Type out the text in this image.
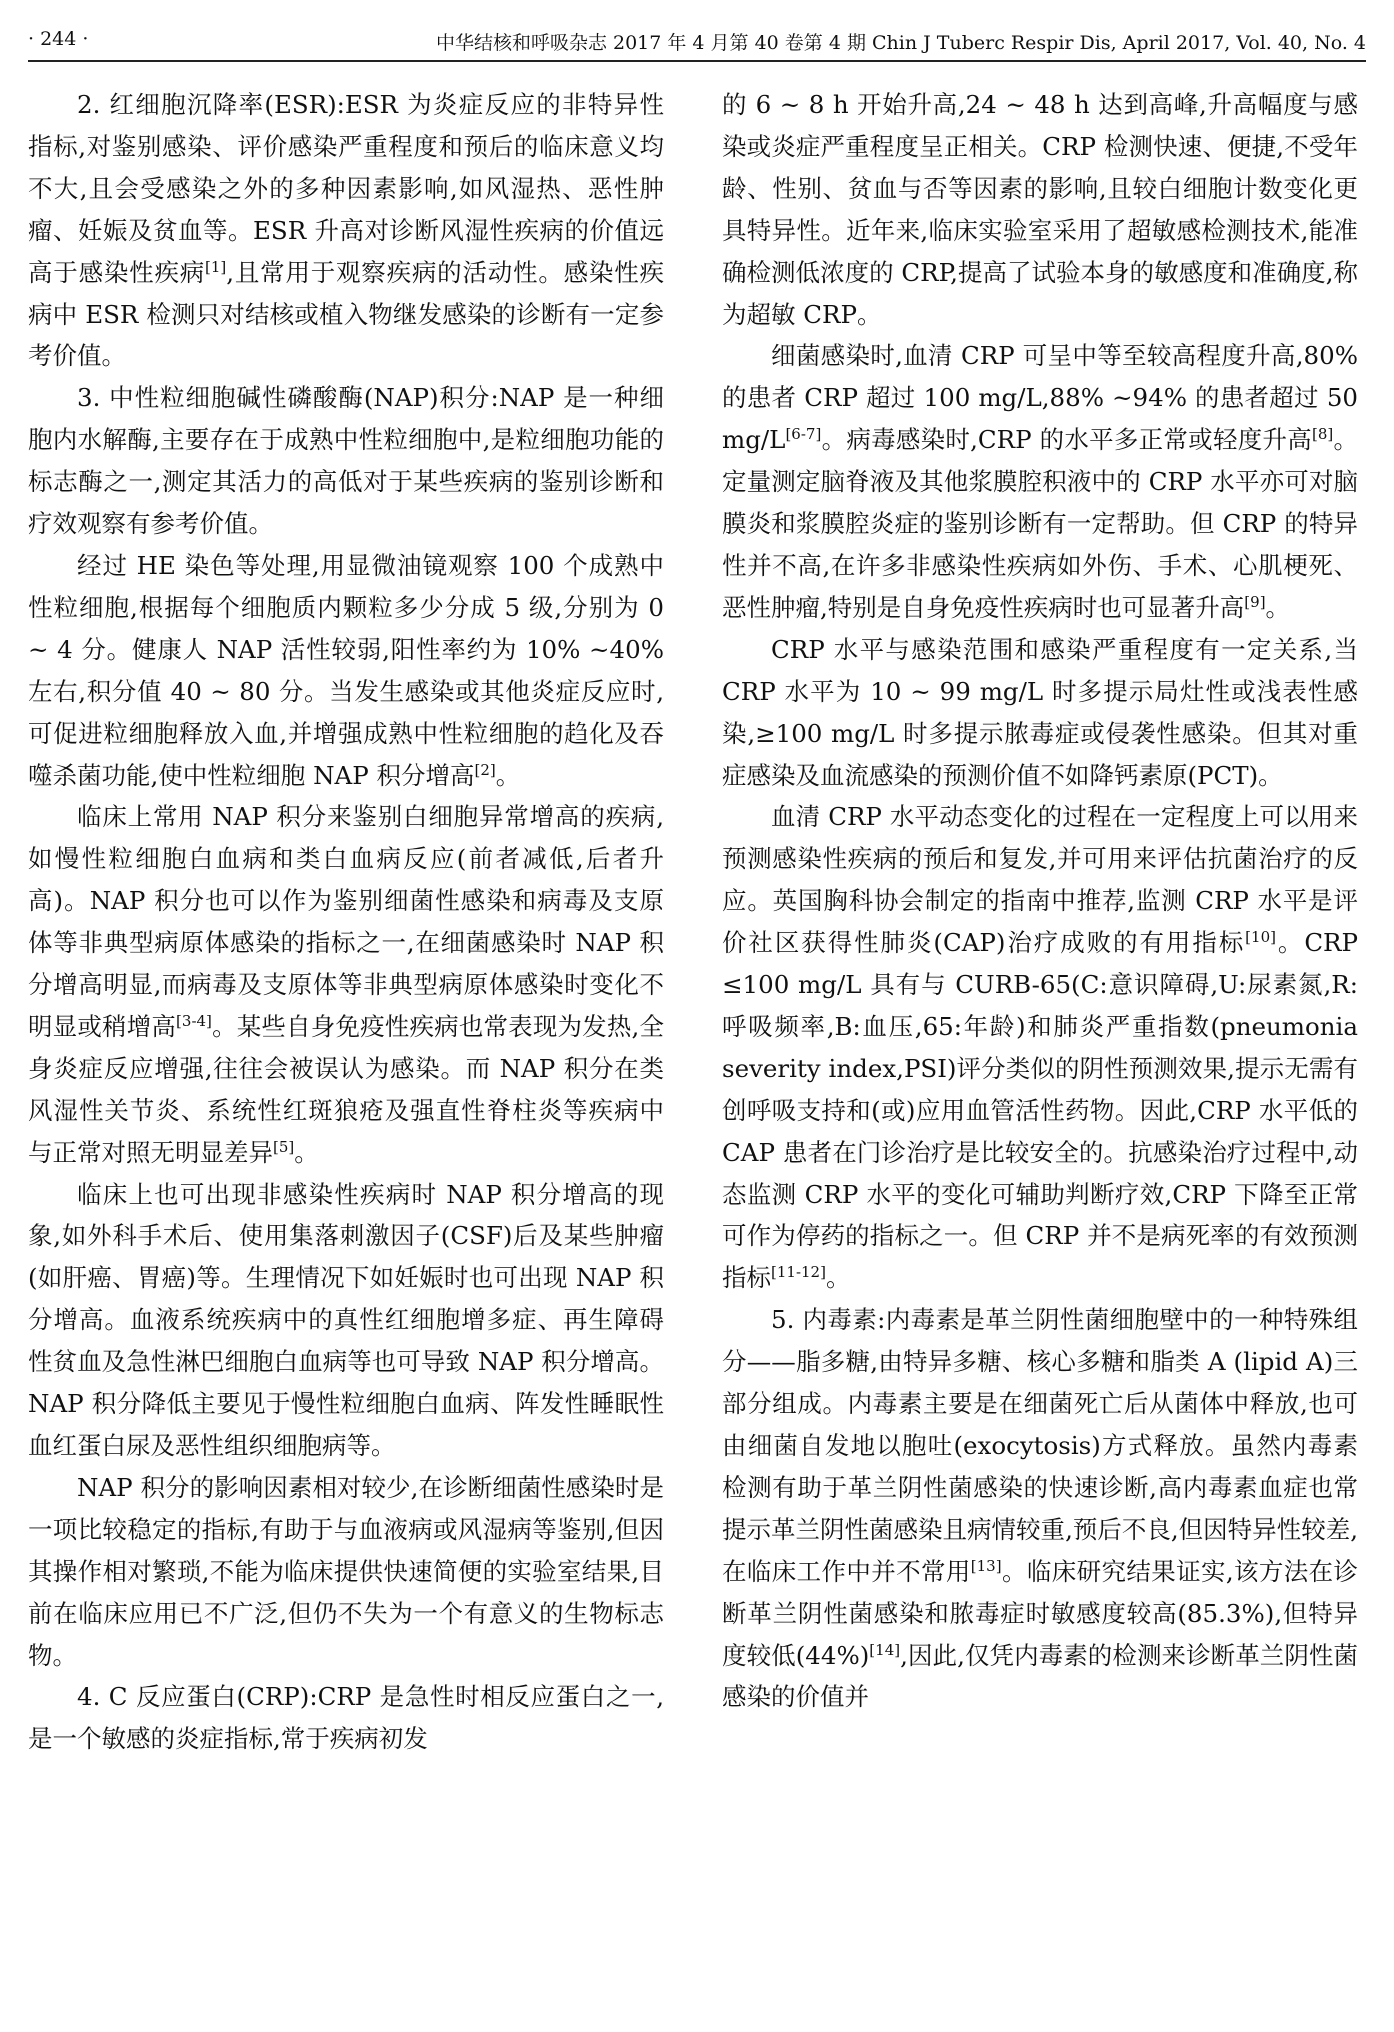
· 244 ·	中华结核和呼吸杂志 2017 年 4 月第 40 卷第 4 期 Chin J Tuberc Respir Dis, April 2017, Vol. 40, No. 4

2. 红细胞沉降率(ESR):ESR 为炎症反应的非特异性指标,对鉴别感染、评价感染严重程度和预后的临床意义均不大,且会受感染之外的多种因素影响,如风湿热、恶性肿瘤、妊娠及贫血等。ESR 升高对诊断风湿性疾病的价值远高于感染性疾病[1],且常用于观察疾病的活动性。感染性疾病中 ESR 检测只对结核或植入物继发感染的诊断有一定参考价值。

3. 中性粒细胞碱性磷酸酶(NAP)积分:NAP 是一种细胞内水解酶,主要存在于成熟中性粒细胞中,是粒细胞功能的标志酶之一,测定其活力的高低对于某些疾病的鉴别诊断和疗效观察有参考价值。

经过 HE 染色等处理,用显微油镜观察 100 个成熟中性粒细胞,根据每个细胞质内颗粒多少分成 5 级,分别为 0 ~ 4 分。健康人 NAP 活性较弱,阳性率约为 10% ~40% 左右,积分值 40 ~ 80 分。当发生感染或其他炎症反应时,可促进粒细胞释放入血,并增强成熟中性粒细胞的趋化及吞噬杀菌功能,使中性粒细胞 NAP 积分增高[2]。

临床上常用 NAP 积分来鉴别白细胞异常增高的疾病,如慢性粒细胞白血病和类白血病反应(前者减低,后者升高)。NAP 积分也可以作为鉴别细菌性感染和病毒及支原体等非典型病原体感染的指标之一,在细菌感染时 NAP 积分增高明显,而病毒及支原体等非典型病原体感染时变化不明显或稍增高[3-4]。某些自身免疫性疾病也常表现为发热,全身炎症反应增强,往往会被误认为感染。而 NAP 积分在类风湿性关节炎、系统性红斑狼疮及强直性脊柱炎等疾病中与正常对照无明显差异[5]。

临床上也可出现非感染性疾病时 NAP 积分增高的现象,如外科手术后、使用集落刺激因子(CSF)后及某些肿瘤(如肝癌、胃癌)等。生理情况下如妊娠时也可出现 NAP 积分增高。血液系统疾病中的真性红细胞增多症、再生障碍性贫血及急性淋巴细胞白血病等也可导致 NAP 积分增高。NAP 积分降低主要见于慢性粒细胞白血病、阵发性睡眠性血红蛋白尿及恶性组织细胞病等。

NAP 积分的影响因素相对较少,在诊断细菌性感染时是一项比较稳定的指标,有助于与血液病或风湿病等鉴别,但因其操作相对繁琐,不能为临床提供快速简便的实验室结果,目前在临床应用已不广泛,但仍不失为一个有意义的生物标志物。

4. C 反应蛋白(CRP):CRP 是急性时相反应蛋白之一,是一个敏感的炎症指标,常于疾病初发

的 6 ~ 8 h 开始升高,24 ~ 48 h 达到高峰,升高幅度与感染或炎症严重程度呈正相关。CRP 检测快速、便捷,不受年龄、性别、贫血与否等因素的影响,且较白细胞计数变化更具特异性。近年来,临床实验室采用了超敏感检测技术,能准确检测低浓度的 CRP,提高了试验本身的敏感度和准确度,称为超敏 CRP。

细菌感染时,血清 CRP 可呈中等至较高程度升高,80% 的患者 CRP 超过 100 mg/L,88% ~94% 的患者超过 50 mg/L[6-7]。病毒感染时,CRP 的水平多正常或轻度升高[8]。定量测定脑脊液及其他浆膜腔积液中的 CRP 水平亦可对脑膜炎和浆膜腔炎症的鉴别诊断有一定帮助。但 CRP 的特异性并不高,在许多非感染性疾病如外伤、手术、心肌梗死、恶性肿瘤,特别是自身免疫性疾病时也可显著升高[9]。

CRP 水平与感染范围和感染严重程度有一定关系,当 CRP 水平为 10 ~ 99 mg/L 时多提示局灶性或浅表性感染,≥100 mg/L 时多提示脓毒症或侵袭性感染。但其对重症感染及血流感染的预测价值不如降钙素原(PCT)。

血清 CRP 水平动态变化的过程在一定程度上可以用来预测感染性疾病的预后和复发,并可用来评估抗菌治疗的反应。英国胸科协会制定的指南中推荐,监测 CRP 水平是评价社区获得性肺炎(CAP)治疗成败的有用指标[10]。CRP ≤100 mg/L 具有与 CURB-65(C:意识障碍,U:尿素氮,R:呼吸频率,B:血压,65:年龄)和肺炎严重指数(pneumonia severity index,PSI)评分类似的阴性预测效果,提示无需有创呼吸支持和(或)应用血管活性药物。因此,CRP 水平低的 CAP 患者在门诊治疗是比较安全的。抗感染治疗过程中,动态监测 CRP 水平的变化可辅助判断疗效,CRP 下降至正常可作为停药的指标之一。但 CRP 并不是病死率的有效预测指标[11-12]。

5. 内毒素:内毒素是革兰阴性菌细胞壁中的一种特殊组分——脂多糖,由特异多糖、核心多糖和脂类 A (lipid A)三部分组成。内毒素主要是在细菌死亡后从菌体中释放,也可由细菌自发地以胞吐(exocytosis)方式释放。虽然内毒素检测有助于革兰阴性菌感染的快速诊断,高内毒素血症也常提示革兰阴性菌感染且病情较重,预后不良,但因特异性较差,在临床工作中并不常用[13]。临床研究结果证实,该方法在诊断革兰阴性菌感染和脓毒症时敏感度较高(85.3%),但特异度较低(44%)[14],因此,仅凭内毒素的检测来诊断革兰阴性菌感染的价值并
